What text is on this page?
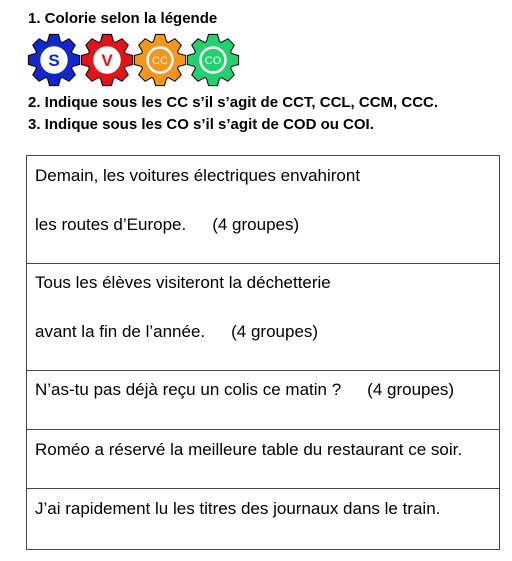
1. Colorie selon la légende
S V	CC	CO
2. Indique sous les CC s’il s’agit de CCT, CCL, CCM, CCC.
3. Indique sous les CO s’il s’agit de COD ou COI.
Demain, les voitures électriques envahiront
les routes d’Europe. (4 groupes)
Tous les élèves visiteront la déchetterie
avant la fin de l’année. (4 groupes)
N’as-tu pas déjà reçu un colis ce matin ? (4 groupes)
Roméo a réservé la meilleure table du restaurant ce soir.
J’ai rapidement lu les titres des journaux dans le train.
